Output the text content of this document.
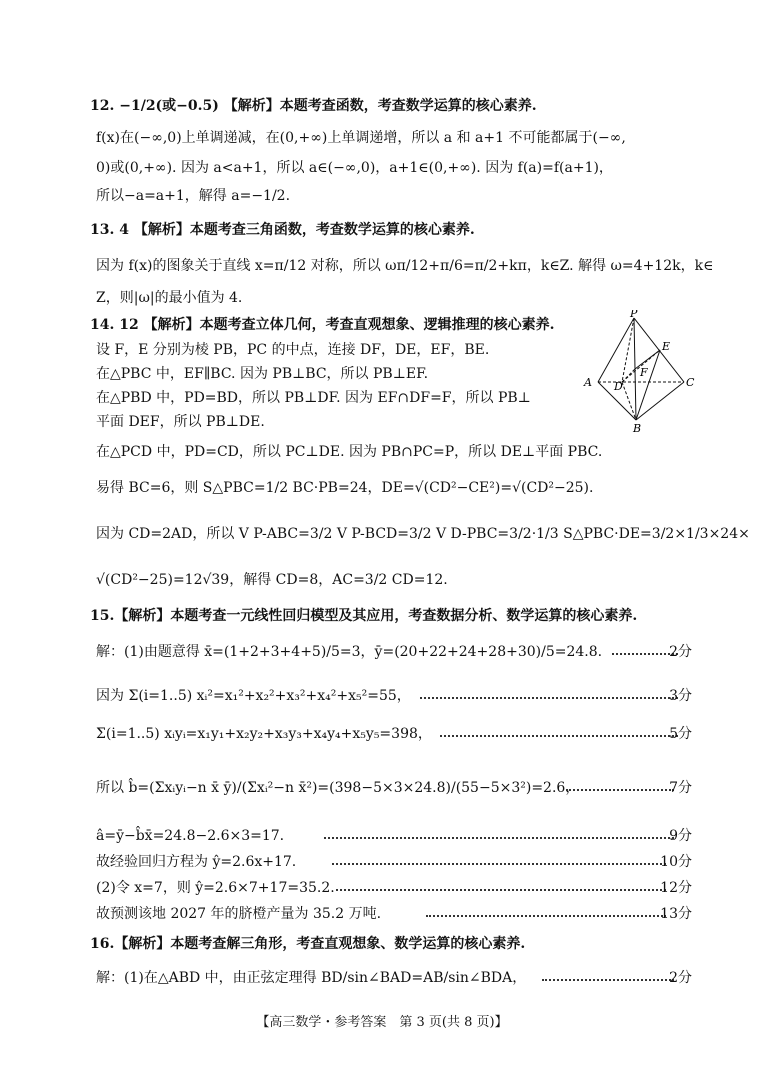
12. −1/2(或−0.5) 【解析】本题考查函数，考查数学运算的核心素养.
f(x)在(−∞,0)上单调递减，在(0,+∞)上单调递增，所以 a 和 a+1 不可能都属于(−∞,
0)或(0,+∞). 因为 a<a+1，所以 a∈(−∞,0)，a+1∈(0,+∞). 因为 f(a)=f(a+1)，
所以−a=a+1，解得 a=−1/2.
13. 4 【解析】本题考查三角函数，考查数学运算的核心素养.
因为 f(x)的图象关于直线 x=π/12 对称，所以 ωπ/12+π/6=π/2+kπ，k∈Z. 解得 ω=4+12k，k∈
Z，则|ω|的最小值为 4.
14. 12 【解析】本题考查立体几何，考查直观想象、逻辑推理的核心素养.
设 F，E 分别为棱 PB，PC 的中点，连接 DF，DE，EF，BE.
在△PBC 中，EF∥BC. 因为 PB⊥BC，所以 PB⊥EF.
在△PBD 中，PD=BD，所以 PB⊥DF. 因为 EF∩DF=F，所以 PB⊥
平面 DEF，所以 PB⊥DE.
在△PCD 中，PD=CD，所以 PC⊥DE. 因为 PB∩PC=P，所以 DE⊥平面 PBC.
易得 BC=6，则 S△PBC=1/2 BC·PB=24，DE=√(CD²−CE²)=√(CD²−25).
因为 CD=2AD，所以 V P-ABC=3/2 V P-BCD=3/2 V D-PBC=3/2·1/3 S△PBC·DE=3/2×1/3×24×
√(CD²−25)=12√39，解得 CD=8，AC=3/2 CD=12.
15.【解析】本题考查一元线性回归模型及其应用，考查数据分析、数学运算的核心素养.
解：(1)由题意得 x̄=(1+2+3+4+5)/5=3，ȳ=(20+22+24+28+30)/5=24.8.	2分
因为 Σ(i=1..5) xᵢ²=x₁²+x₂²+x₃²+x₄²+x₅²=55，	3分
Σ(i=1..5) xᵢyᵢ=x₁y₁+x₂y₂+x₃y₃+x₄y₄+x₅y₅=398，	5分
所以 b̂=(Σxᵢyᵢ−n x̄ ȳ)/(Σxᵢ²−n x̄²)=(398−5×3×24.8)/(55−5×3²)=2.6，	7分
â=ȳ−b̂x̄=24.8−2.6×3=17.	9分
故经验回归方程为 ŷ=2.6x+17.	10分
(2)令 x=7，则 ŷ=2.6×7+17=35.2.	12分
故预测该地 2027 年的脐橙产量为 35.2 万吨.	13分
16.【解析】本题考查解三角形，考查直观想象、数学运算的核心素养.
解：(1)在△ABD 中，由正弦定理得 BD/sin∠BAD=AB/sin∠BDA，	2分
P
E
A D
F
C
B
【高三数学・参考答案　第 3 页(共 8 页)】
